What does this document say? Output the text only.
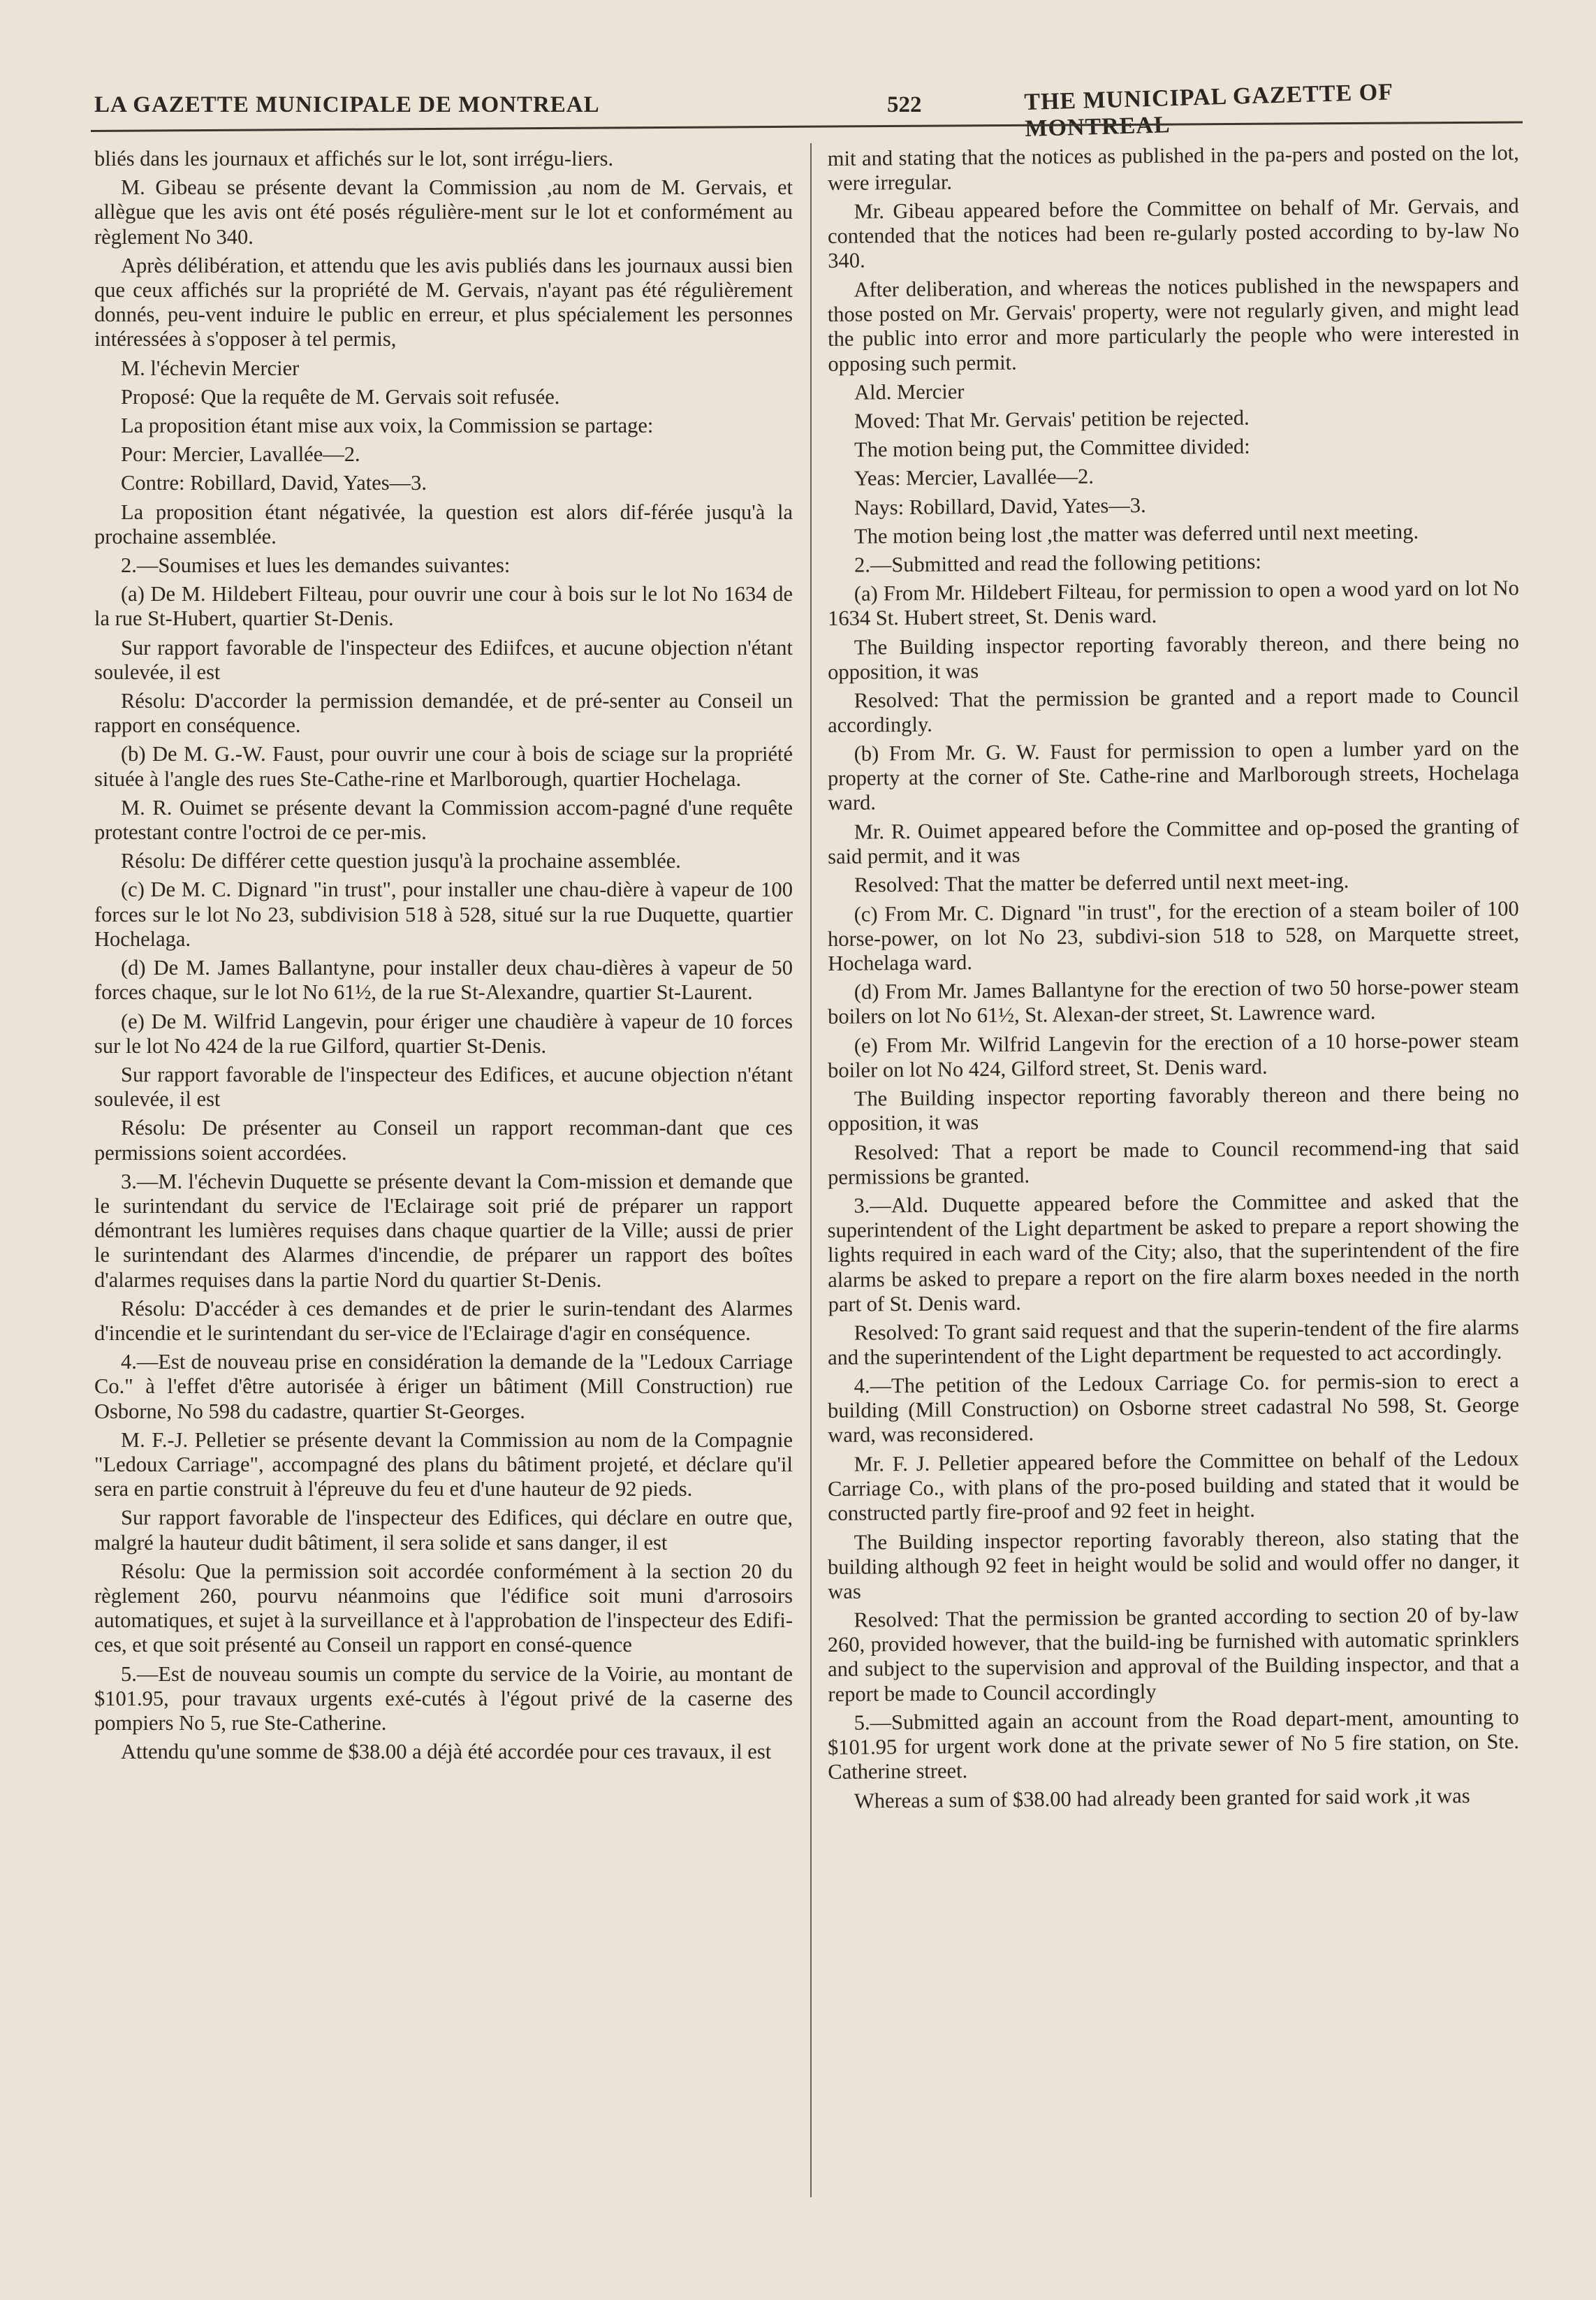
LA GAZETTE MUNICIPALE DE MONTREAL	522	THE MUNICIPAL GAZETTE OF MONTREAL

bliés dans les journaux et affichés sur le lot, sont irrégu-liers.

M. Gibeau se présente devant la Commission ,au nom de M. Gervais, et allègue que les avis ont été posés régulière-ment sur le lot et conformément au règlement No 340.

Après délibération, et attendu que les avis publiés dans les journaux aussi bien que ceux affichés sur la propriété de M. Gervais, n'ayant pas été régulièrement donnés, peu-vent induire le public en erreur, et plus spécialement les personnes intéressées à s'opposer à tel permis,

M. l'échevin Mercier

Proposé: Que la requête de M. Gervais soit refusée.

La proposition étant mise aux voix, la Commission se partage:

Pour: Mercier, Lavallée—2.

Contre: Robillard, David, Yates—3.

La proposition étant négativée, la question est alors dif-férée jusqu'à la prochaine assemblée.

2.—Soumises et lues les demandes suivantes:

(a) De M. Hildebert Filteau, pour ouvrir une cour à bois sur le lot No 1634 de la rue St-Hubert, quartier St-Denis.

Sur rapport favorable de l'inspecteur des Ediifces, et aucune objection n'étant soulevée, il est

Résolu: D'accorder la permission demandée, et de pré-senter au Conseil un rapport en conséquence.

(b) De M. G.-W. Faust, pour ouvrir une cour à bois de sciage sur la propriété située à l'angle des rues Ste-Cathe-rine et Marlborough, quartier Hochelaga.

M. R. Ouimet se présente devant la Commission accom-pagné d'une requête protestant contre l'octroi de ce per-mis.

Résolu: De différer cette question jusqu'à la prochaine assemblée.

(c) De M. C. Dignard "in trust", pour installer une chau-dière à vapeur de 100 forces sur le lot No 23, subdivision 518 à 528, situé sur la rue Duquette, quartier Hochelaga.

(d) De M. James Ballantyne, pour installer deux chau-dières à vapeur de 50 forces chaque, sur le lot No 61½, de la rue St-Alexandre, quartier St-Laurent.

(e) De M. Wilfrid Langevin, pour ériger une chaudière à vapeur de 10 forces sur le lot No 424 de la rue Gilford, quartier St-Denis.

Sur rapport favorable de l'inspecteur des Edifices, et aucune objection n'étant soulevée, il est

Résolu: De présenter au Conseil un rapport recomman-dant que ces permissions soient accordées.

3.—M. l'échevin Duquette se présente devant la Com-mission et demande que le surintendant du service de l'Eclairage soit prié de préparer un rapport démontrant les lumières requises dans chaque quartier de la Ville; aussi de prier le surintendant des Alarmes d'incendie, de préparer un rapport des boîtes d'alarmes requises dans la partie Nord du quartier St-Denis.

Résolu: D'accéder à ces demandes et de prier le surin-tendant des Alarmes d'incendie et le surintendant du ser-vice de l'Eclairage d'agir en conséquence.

4.—Est de nouveau prise en considération la demande de la "Ledoux Carriage Co." à l'effet d'être autorisée à ériger un bâtiment (Mill Construction) rue Osborne, No 598 du cadastre, quartier St-Georges.

M. F.-J. Pelletier se présente devant la Commission au nom de la Compagnie "Ledoux Carriage", accompagné des plans du bâtiment projeté, et déclare qu'il sera en partie construit à l'épreuve du feu et d'une hauteur de 92 pieds.

Sur rapport favorable de l'inspecteur des Edifices, qui déclare en outre que, malgré la hauteur dudit bâtiment, il sera solide et sans danger, il est

Résolu: Que la permission soit accordée conformément à la section 20 du règlement 260, pourvu néanmoins que l'édifice soit muni d'arrosoirs automatiques, et sujet à la surveillance et à l'approbation de l'inspecteur des Edifi-ces, et que soit présenté au Conseil un rapport en consé-quence

5.—Est de nouveau soumis un compte du service de la Voirie, au montant de $101.95, pour travaux urgents exé-cutés à l'égout privé de la caserne des pompiers No 5, rue Ste-Catherine.

Attendu qu'une somme de $38.00 a déjà été accordée pour ces travaux, il est

mit and stating that the notices as published in the pa-pers and posted on the lot, were irregular.

Mr. Gibeau appeared before the Committee on behalf of Mr. Gervais, and contended that the notices had been re-gularly posted according to by-law No 340.

After deliberation, and whereas the notices published in the newspapers and those posted on Mr. Gervais' property, were not regularly given, and might lead the public into error and more particularly the people who were interested in opposing such permit.

Ald. Mercier

Moved: That Mr. Gervais' petition be rejected.

The motion being put, the Committee divided:

Yeas: Mercier, Lavallée—2.

Nays: Robillard, David, Yates—3.

The motion being lost ,the matter was deferred until next meeting.

2.—Submitted and read the following petitions:

(a) From Mr. Hildebert Filteau, for permission to open a wood yard on lot No 1634 St. Hubert street, St. Denis ward.

The Building inspector reporting favorably thereon, and there being no opposition, it was

Resolved: That the permission be granted and a report made to Council accordingly.

(b) From Mr. G. W. Faust for permission to open a lumber yard on the property at the corner of Ste. Cathe-rine and Marlborough streets, Hochelaga ward.

Mr. R. Ouimet appeared before the Committee and op-posed the granting of said permit, and it was

Resolved: That the matter be deferred until next meet-ing.

(c) From Mr. C. Dignard "in trust", for the erection of a steam boiler of 100 horse-power, on lot No 23, subdivi-sion 518 to 528, on Marquette street, Hochelaga ward.

(d) From Mr. James Ballantyne for the erection of two 50 horse-power steam boilers on lot No 61½, St. Alexan-der street, St. Lawrence ward.

(e) From Mr. Wilfrid Langevin for the erection of a 10 horse-power steam boiler on lot No 424, Gilford street, St. Denis ward.

The Building inspector reporting favorably thereon and there being no opposition, it was

Resolved: That a report be made to Council recommend-ing that said permissions be granted.

3.—Ald. Duquette appeared before the Committee and asked that the superintendent of the Light department be asked to prepare a report showing the lights required in each ward of the City; also, that the superintendent of the fire alarms be asked to prepare a report on the fire alarm boxes needed in the north part of St. Denis ward.

Resolved: To grant said request and that the superin-tendent of the fire alarms and the superintendent of the Light department be requested to act accordingly.

4.—The petition of the Ledoux Carriage Co. for permis-sion to erect a building (Mill Construction) on Osborne street cadastral No 598, St. George ward, was reconsidered.

Mr. F. J. Pelletier appeared before the Committee on behalf of the Ledoux Carriage Co., with plans of the pro-posed building and stated that it would be constructed partly fire-proof and 92 feet in height.

The Building inspector reporting favorably thereon, also stating that the building although 92 feet in height would be solid and would offer no danger, it was

Resolved: That the permission be granted according to section 20 of by-law 260, provided however, that the build-ing be furnished with automatic sprinklers and subject to the supervision and approval of the Building inspector, and that a report be made to Council accordingly

5.—Submitted again an account from the Road depart-ment, amounting to $101.95 for urgent work done at the private sewer of No 5 fire station, on Ste. Catherine street.

Whereas a sum of $38.00 had already been granted for said work ,it was
